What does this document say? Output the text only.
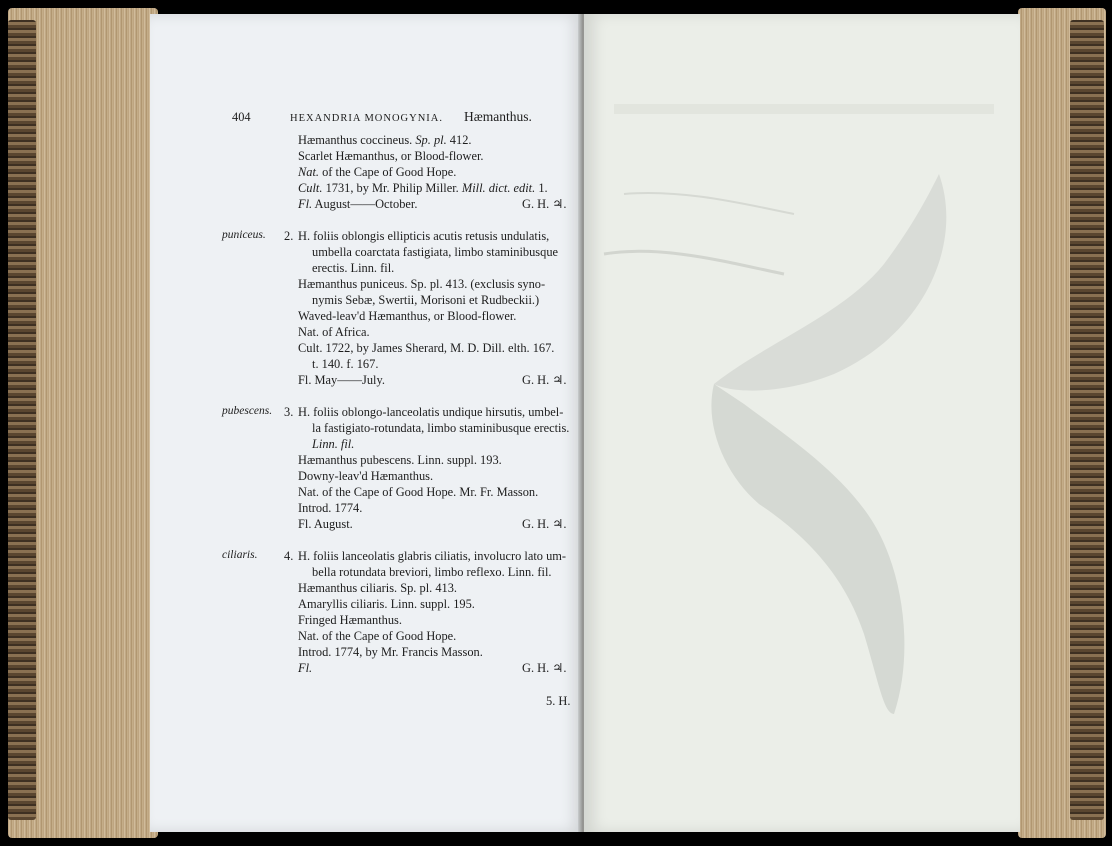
404	HEXANDRIA MONOGYNIA. Hæmanthus.
Hæmanthus coccineus. Sp. pl. 412.
Scarlet Hæmanthus, or Blood-flower.
Nat. of the Cape of Good Hope.
Cult. 1731, by Mr. Philip Miller. Mill. dict. edit. 1.
Fl. August——October.	G. H. ♃.
puniceus. 2. H. foliis oblongis ellipticis acutis retusis undulatis,
umbella coarctata fastigiata, limbo staminibusque
erectis. Linn. fil.
Hæmanthus puniceus. Sp. pl. 413. (exclusis syno-
nymis Sebæ, Swertii, Morisoni et Rudbeckii.)
Waved-leav'd Hæmanthus, or Blood-flower.
Nat. of Africa.
Cult. 1722, by James Sherard, M. D. Dill. elth. 167.
t. 140. f. 167.
Fl. May——July.	G. H. ♃.
pubescens. 3. H. foliis oblongo-lanceolatis undique hirsutis, umbel-
la fastigiato-rotundata, limbo staminibusque erectis.
Linn. fil.
Hæmanthus pubescens. Linn. suppl. 193.
Downy-leav'd Hæmanthus.
Nat. of the Cape of Good Hope. Mr. Fr. Masson.
Introd. 1774.
Fl. August.	G. H. ♃.
ciliaris. 4. H. foliis lanceolatis glabris ciliatis, involucro lato um-
bella rotundata breviori, limbo reflexo. Linn. fil.
Hæmanthus ciliaris. Sp. pl. 413.
Amaryllis ciliaris. Linn. suppl. 195.
Fringed Hæmanthus.
Nat. of the Cape of Good Hope.
Introd. 1774, by Mr. Francis Masson.
Fl.	G. H. ♃.
5. H.
